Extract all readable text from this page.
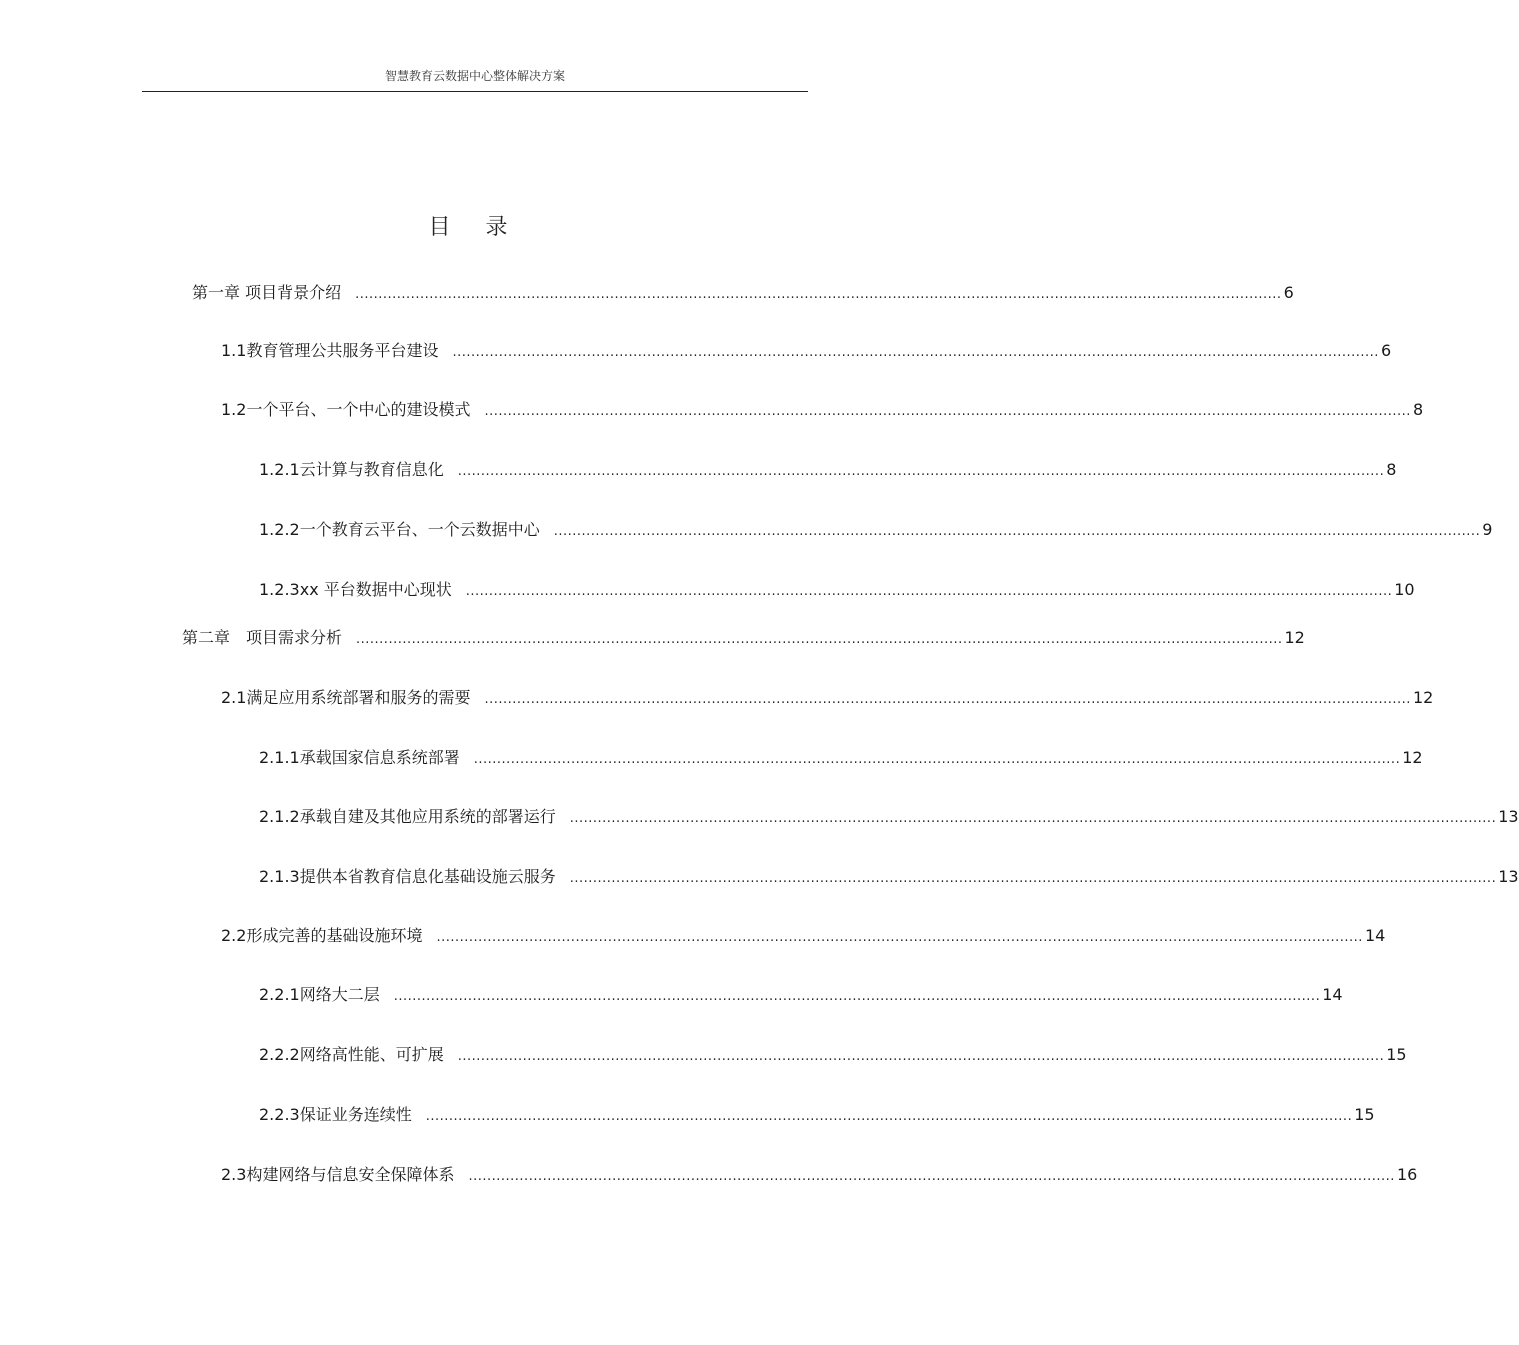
智慧教育云数据中心整体解决方案
目 录
第一章 项目背景介绍 ........................................................................................................................................................................................................ 6
1.1 教育管理公共服务平台建设 ........................................................................................................................................................................................................ 6
1.2 一个平台、一个中心的建设模式 ........................................................................................................................................................................................................ 8
1.2.1 云计算与教育信息化 ........................................................................................................................................................................................................ 8
1.2.2 一个教育云平台、一个云数据中心 ........................................................................................................................................................................................................ 9
1.2.3 xx 平台数据中心现状 ........................................................................................................................................................................................................ 10
第二章　项目需求分析 ........................................................................................................................................................................................................ 12
2.1 满足应用系统部署和服务的需要 ........................................................................................................................................................................................................ 12
2.1.1 承载国家信息系统部署 ........................................................................................................................................................................................................ 12
2.1.2 承载自建及其他应用系统的部署运行 ........................................................................................................................................................................................................ 13
2.1.3 提供本省教育信息化基础设施云服务 ........................................................................................................................................................................................................ 13
2.2 形成完善的基础设施环境 ........................................................................................................................................................................................................ 14
2.2.1 网络大二层 ........................................................................................................................................................................................................ 14
2.2.2 网络高性能、可扩展 ........................................................................................................................................................................................................ 15
2.2.3 保证业务连续性 ........................................................................................................................................................................................................ 15
2.3 构建网络与信息安全保障体系 ........................................................................................................................................................................................................ 16
